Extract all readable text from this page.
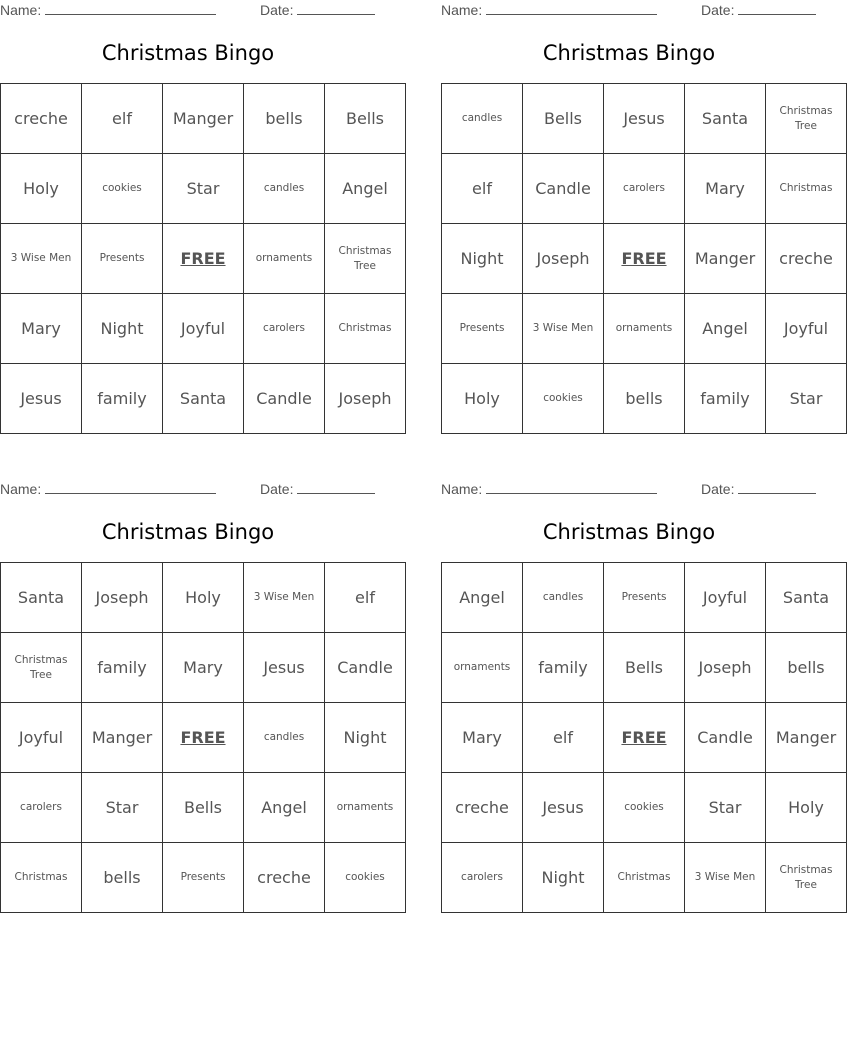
Name:	Date:
Christmas Bingo
creche	elf	Manger	bells	Bells
Holy	cookies	Star	candles	Angel
3 Wise Men	Presents	FREE	ornaments	Christmas Tree
Mary	Night	Joyful	carolers	Christmas
Jesus	family	Santa	Candle	Joseph
Name:	Date:
Christmas Bingo
candles	Bells	Jesus	Santa	Christmas Tree
elf	Candle	carolers	Mary	Christmas
Night	Joseph	FREE	Manger	creche
Presents	3 Wise Men	ornaments	Angel	Joyful
Holy	cookies	bells	family	Star
Name:	Date:
Christmas Bingo
Santa	Joseph	Holy	3 Wise Men	elf
Christmas Tree	family	Mary	Jesus	Candle
Joyful	Manger	FREE	candles	Night
carolers	Star	Bells	Angel	ornaments
Christmas	bells	Presents	creche	cookies
Name:	Date:
Christmas Bingo
Angel	candles	Presents	Joyful	Santa
ornaments	family	Bells	Joseph	bells
Mary	elf	FREE	Candle	Manger
creche	Jesus	cookies	Star	Holy
carolers	Night	Christmas	3 Wise Men	Christmas Tree
